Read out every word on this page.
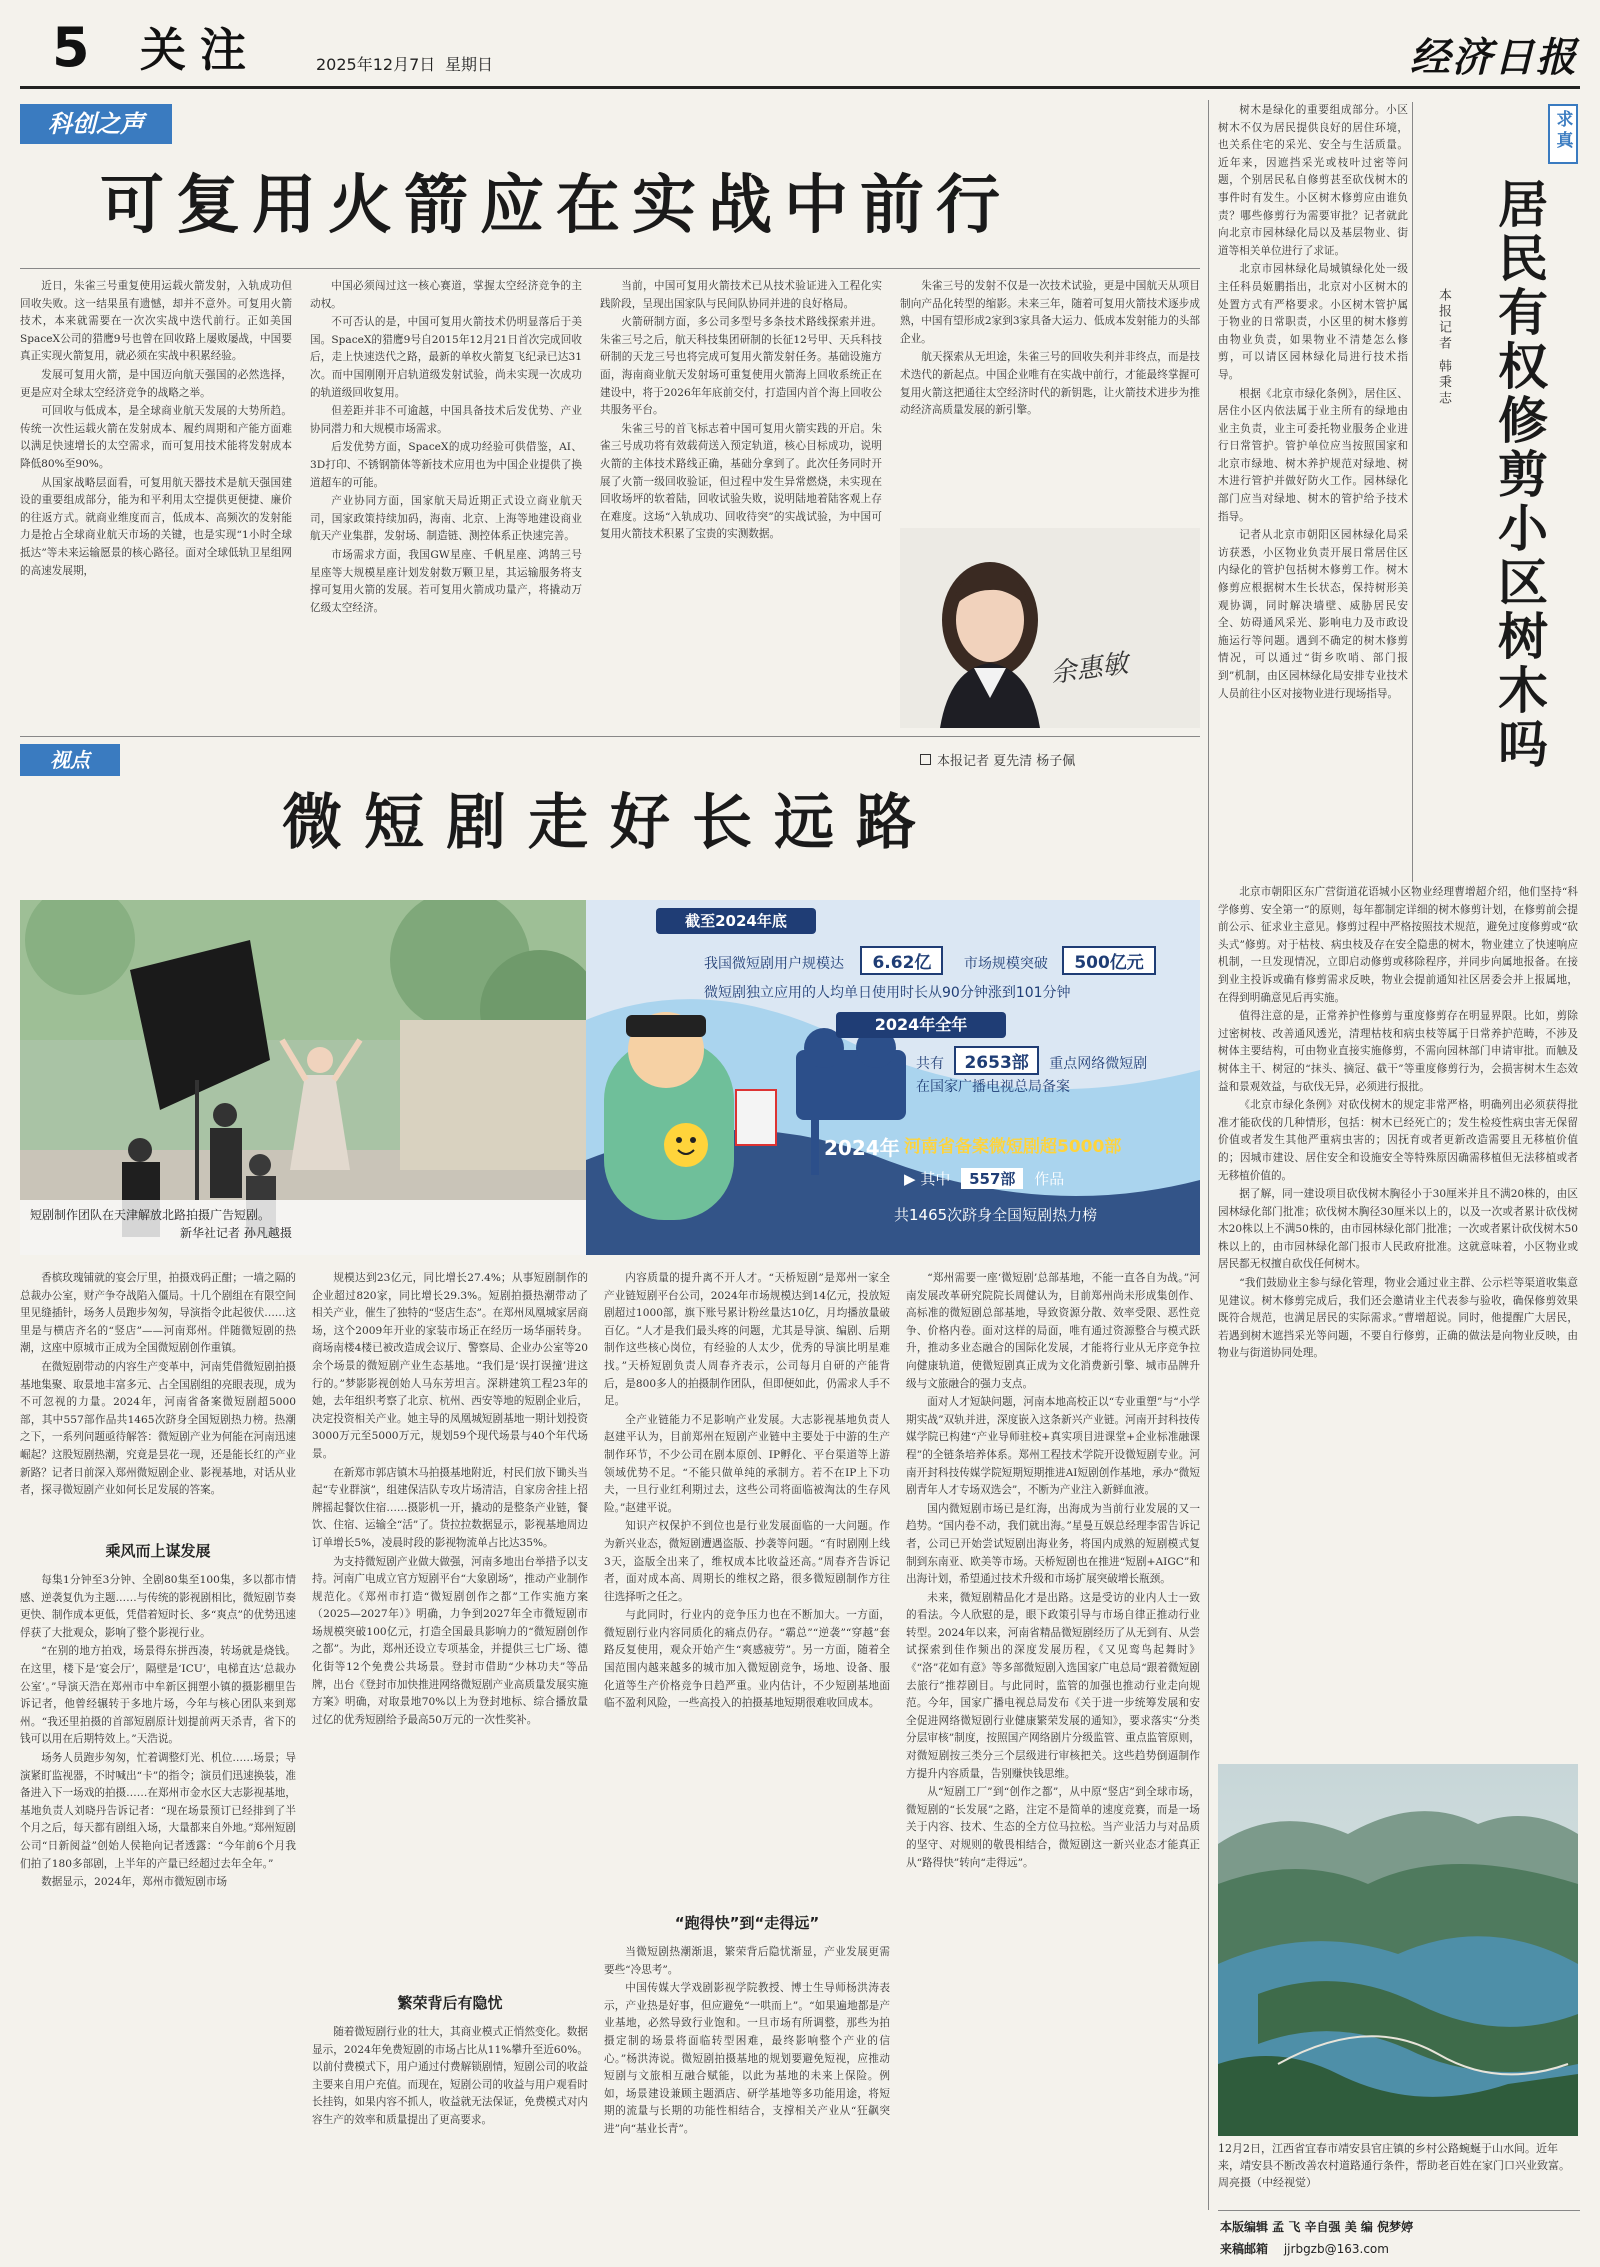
5 关注	2025年12月7日 星期日	经济日报
科创之声
可复用火箭应在实战中前行

近日，朱雀三号重复使用运载火箭发射，入轨成功但回收失败。这一结果虽有遗憾，却并不意外。可复用火箭技术，本来就需要在一次次实战中迭代前行。正如美国SpaceX公司的猎鹰9号也曾在回收路上屡败屡战，中国要真正实现火箭复用，就必须在实战中积累经验。

发展可复用火箭，是中国迈向航天强国的必然选择，更是应对全球太空经济竞争的战略之举。

可回收与低成本，是全球商业航天发展的大势所趋。传统一次性运载火箭在发射成本、履约周期和产能方面难以满足快速增长的太空需求，而可复用技术能将发射成本降低80%至90%。

从国家战略层面看，可复用航天器技术是航天强国建设的重要组成部分，能为和平利用太空提供更便捷、廉价的往返方式。就商业维度而言，低成本、高频次的发射能力是抢占全球商业航天市场的关键，也是实现“1小时全球抵达”等未来运输愿景的核心路径。面对全球低轨卫星组网的高速发展期，

中国必须闯过这一核心赛道，掌握太空经济竞争的主动权。

不可否认的是，中国可复用火箭技术仍明显落后于美国。SpaceX的猎鹰9号自2015年12月21日首次完成回收后，走上快速迭代之路，最新的单枚火箭复飞纪录已达31次。而中国刚刚开启轨道级发射试验，尚未实现一次成功的轨道级回收复用。

但差距并非不可逾越，中国具备技术后发优势、产业协同潜力和大规模市场需求。

后发优势方面，SpaceX的成功经验可供借鉴，AI、3D打印、不锈钢箭体等新技术应用也为中国企业提供了换道超车的可能。

产业协同方面，国家航天局近期正式设立商业航天司，国家政策持续加码，海南、北京、上海等地建设商业航天产业集群，发射场、制造链、测控体系正快速完善。

市场需求方面，我国GW星座、千帆星座、鸿鹄三号星座等大规模星座计划发射数万颗卫星，其运输服务将支撑可复用火箭的发展。若可复用火箭成功量产，将撬动万亿级太空经济。

当前，中国可复用火箭技术已从技术验证进入工程化实践阶段，呈现出国家队与民间队协同并进的良好格局。

火箭研制方面，多公司多型号多条技术路线探索并进。朱雀三号之后，航天科技集团研制的长征12号甲、天兵科技研制的天龙三号也将完成可复用火箭发射任务。基础设施方面，海南商业航天发射场可重复使用火箭海上回收系统正在建设中，将于2026年年底前交付，打造国内首个海上回收公共服务平台。

朱雀三号的首飞标志着中国可复用火箭实践的开启。朱雀三号成功将有效载荷送入预定轨道，核心目标成功，说明火箭的主体技术路线正确，基础分拿到了。此次任务同时开展了火箭一级回收验证，但过程中发生异常燃烧，未实现在回收场坪的软着陆，回收试验失败，说明陆地着陆客观上存在难度。这场“入轨成功、回收待突”的实战试验，为中国可复用火箭技术积累了宝贵的实测数据。

朱雀三号的发射不仅是一次技术试验，更是中国航天从项目制向产品化转型的缩影。未来三年，随着可复用火箭技术逐步成熟，中国有望形成2家到3家具备大运力、低成本发射能力的头部企业。

航天探索从无坦途，朱雀三号的回收失利并非终点，而是技术迭代的新起点。中国企业唯有在实战中前行，才能最终掌握可复用火箭这把通往太空经济时代的新钥匙，让火箭技术进步为推动经济高质量发展的新引擎。

余惠敏
视点	本报记者 夏先清 杨子佩
微短剧走好长远路
短剧制作团队在天津解放北路拍摄广告短剧。
新华社记者 孙凡越摄
截至2024年底
我国微短剧用户规模达 6.62亿 市场规模突破 500亿元
微短剧独立应用的人均单日使用时长从90分钟涨到101分钟
2024年全年
共有 2653部 重点网络微短剧
在国家广播电视总局备案
2024年 河南省备案微短剧超5000部
▶ 其中 557部 作品
共1465次跻身全国短剧热力榜

香槟玫瑰铺就的宴会厅里，拍摄戏码正酣；一墙之隔的总裁办公室，财产争夺战陷入僵局。十几个剧组在有限空间里见缝插针，场务人员跑步匆匆，导演指令此起彼伏……这里是与横店齐名的“竖店”——河南郑州。伴随微短剧的热潮，这座中原城市正成为全国微短剧创作重镇。

在微短剧带动的内容生产变革中，河南凭借微短剧拍摄基地集聚、取景地丰富多元、占全国剧组的亮眼表现，成为不可忽视的力量。2024年，河南省备案微短剧超5000部，其中557部作品共1465次跻身全国短剧热力榜。热潮之下，一系列问题亟待解答：微短剧产业为何能在河南迅速崛起？这股短剧热潮，究竟是昙花一现，还是能长红的产业新路？记者日前深入郑州微短剧企业、影视基地，对话从业者，探寻微短剧产业如何长足发展的答案。

乘风而上谋发展

每集1分钟至3分钟、全剧80集至100集，多以都市情感、逆袭复仇为主题……与传统的影视剧相比，微短剧节奏更快、制作成本更低，凭借着短时长、多“爽点”的优势迅速俘获了大批观众，影响了整个影视行业。

“在别的地方拍戏，场景得东拼西凑，转场就是烧钱。在这里，楼下是‘宴会厅’，隔壁是‘ICU’，电梯直达‘总裁办公室’。”导演天浩在郑州市中牟新区拥塑小镇的摄影棚里告诉记者，他曾经辗转于多地片场，今年与核心团队来到郑州。“我还里拍摄的首部短剧原计划提前两天杀青，省下的钱可以用在后期特效上。”天浩说。

场务人员跑步匆匆，忙着调整灯光、机位……场景；导演紧盯监视器，不时喊出“卡”的指令；演员们迅速换装，准备进入下一场戏的拍摄……在郑州市金水区大志影视基地，基地负责人刘晓丹告诉记者：“现在场景预订已经排到了半个月之后，每天都有剧组入场，大量都来自外地。”郑州短剧公司“日新阅益”创始人侯艳向记者透露：“今年前6个月我们拍了180多部剧，上半年的产量已经超过去年全年。”

数据显示，2024年，郑州市微短剧市场

规模达到23亿元，同比增长27.4%；从事短剧制作的企业超过820家，同比增长29.3%。短剧拍摄热潮带动了相关产业，催生了独特的“竖店生态”。在郑州凤凰城家居商场，这个2009年开业的家装市场正在经历一场华丽转身。商场南楼4楼已被改造成会议厅、警察局、企业办公室等20余个场景的微短剧产业生态基地。“我们是‘误打误撞’进这行的。”梦影影视创始人马东芳坦言。深耕建筑工程23年的她，去年组织考察了北京、杭州、西安等地的短剧企业后，决定投资相关产业。她主导的凤凰城短剧基地一期计划投资3000万元至5000万元，规划59个现代场景与40个年代场景。

在新郑市郭店镇木马拍摄基地附近，村民们放下锄头当起“专业群演”，组建保洁队专攻片场清洁，自家房舍挂上招牌摇起餐饮住宿……摄影机一开，撬动的是整条产业链，餐饮、住宿、运输全“活”了。货拉拉数据显示，影视基地周边订单增长5%，凌晨时段的影视物流单占比达35%。

为支持微短剧产业做大做强，河南多地出台举措予以支持。河南广电成立官方短剧平台“大象剧场”，推动产业制作规范化。《郑州市打造“微短剧创作之都”工作实施方案（2025—2027年）》明确，力争到2027年全市微短剧市场规模突破100亿元，打造全国最具影响力的“微短剧创作之都”。为此，郑州还设立专项基金，并提供三七广场、德化街等12个免费公共场景。登封市借助“少林功夫”等品牌，出台《登封市加快推进网络微短剧产业高质量发展实施方案》明确，对取景地70%以上为登封地标、综合播放量过亿的优秀短剧给予最高50万元的一次性奖补。

繁荣背后有隐忧

随着微短剧行业的壮大，其商业模式正悄然变化。数据显示，2024年免费短剧的市场占比从11%攀升至近60%。以前付费模式下，用户通过付费解锁剧情，短剧公司的收益主要来自用户充值。而现在，短剧公司的收益与用户观看时长挂钩，如果内容不抓人，收益就无法保证，免费模式对内容生产的效率和质量提出了更高要求。

内容质量的提升离不开人才。“天桥短剧”是郑州一家全产业链短剧平台公司，2024年市场规模达到14亿元，投放短剧超过1000部，旗下账号累计粉丝量达10亿，月均播放量破百亿。“人才是我们最头疼的问题，尤其是导演、编剧、后期制作这些核心岗位，有经验的人太少，优秀的导演比明星难找。”天桥短剧负责人周春齐表示，公司每月自研的产能背后，是800多人的拍摄制作团队，但即便如此，仍需求人手不足。

全产业链能力不足影响产业发展。大志影视基地负责人赵建平认为，目前郑州在短剧产业链中主要处于中游的生产制作环节，不少公司在剧本原创、IP孵化、平台渠道等上游领域优势不足。“不能只做单纯的承制方。若不在IP上下功夫，一旦行业红利期过去，这些公司将面临被淘汰的生存风险。”赵建平说。

知识产权保护不到位也是行业发展面临的一大问题。作为新兴业态，微短剧遭遇盗版、抄袭等问题。“有时剧刚上线3天，盗版全出来了，维权成本比收益还高。”周春齐告诉记者，面对成本高、周期长的维权之路，很多微短剧制作方往往选择听之任之。

与此同时，行业内的竞争压力也在不断加大。一方面，微短剧行业内容同质化的痛点仍存。“霸总”“逆袭”“穿越”套路反复使用，观众开始产生“爽感疲劳”。另一方面，随着全国范围内越来越多的城市加入微短剧竞争，场地、设备、服化道等生产价格竞争日趋严重。业内估计，不少短剧基地面临不盈利风险，一些高投入的拍摄基地短期很难收回成本。

“跑得快”到“走得远”

当微短剧热潮渐退，繁荣背后隐忧渐显，产业发展更需要些“冷思考”。

中国传媒大学戏剧影视学院教授、博士生导师杨洪涛表示，产业热是好事，但应避免“一哄而上”。“如果遍地都是产业基地，必然导致行业饱和。一旦市场有所调整，那些为拍摄定制的场景将面临转型困难，最终影响整个产业的信心。”杨洪涛说。微短剧拍摄基地的规划要避免短视，应推动短剧与文旅相互融合赋能，以此为基地的未来上保险。例如，场景建设兼顾主题酒店、研学基地等多功能用途，将短期的流量与长期的功能性相结合，支撑相关产业从“狂飙突进”向“基业长青”。

“郑州需要一座‘微短剧’总部基地，不能一直各自为战。”河南发展改革研究院院长周健认为，目前郑州尚未形成集创作、高标准的微短剧总部基地，导致资源分散、效率受限、恶性竞争、价格内卷。面对这样的局面，唯有通过资源整合与模式跃升，推动多业态融合的国际化发展，才能将行业从无序竞争拉向健康轨道，使微短剧真正成为文化消费新引擎、城市品牌升级与文旅融合的强力支点。

面对人才短缺问题，河南本地高校正以“专业重塑”与“小学期实战”双轨并进，深度嵌入这条新兴产业链。河南开封科技传媒学院已构建“产业导师驻校+真实项目进课堂+企业标准融课程”的全链条培养体系。郑州工程技术学院开设微短剧专业。河南开封科技传媒学院短期短期推进AI短剧创作基地，承办“微短剧青年人才专场双选会”，不断为产业注入新鲜血液。

国内微短剧市场已是红海，出海成为当前行业发展的又一趋势。“国内卷不动，我们就出海。”星曼互娱总经理李雷告诉记者，公司已开始尝试短剧出海业务，将国内成熟的短剧模式复制到东南亚、欧美等市场。天桥短剧也在推进“短剧+AIGC”和出海计划，希望通过技术升级和市场扩展突破增长瓶颈。

未来，微短剧精品化才是出路。这是受访的业内人士一致的看法。今人欣慰的是，眼下政策引导与市场自律正推动行业转型。2024年以来，河南省精品微短剧经历了从无到有、从尝试探索到佳作频出的深度发展历程，《又见鸾鸟起舞时》《“洛”花如有意》等多部微短剧入选国家广电总局“跟着微短剧去旅行”推荐剧目。与此同时，监管的加强也推动行业走向规范。今年，国家广播电视总局发布《关于进一步统筹发展和安全促进网络微短剧行业健康繁荣发展的通知》，要求落实“分类分层审核”制度，按照国产网络剧片分级监管、重点监管原则，对微短剧按三类分三个层级进行审核把关。这些趋势倒逼制作方提升内容质量，告别赚快钱思维。

从“短剧工厂”到“创作之都”，从中原“竖店”到全球市场，微短剧的“长发展”之路，注定不是简单的速度竞赛，而是一场关于内容、技术、生态的全方位马拉松。当产业活力与对品质的坚守、对规则的敬畏相结合，微短剧这一新兴业态才能真正从“路得快”转向“走得远”。

树木是绿化的重要组成部分。小区树木不仅为居民提供良好的居住环境，也关系住宅的采光、安全与生活质量。近年来，因遮挡采光或枝叶过密等问题，个别居民私自修剪甚至砍伐树木的事件时有发生。小区树木修剪应由谁负责？哪些修剪行为需要审批？记者就此向北京市园林绿化局以及基层物业、街道等相关单位进行了求证。

北京市园林绿化局城镇绿化处一级主任科员姬鹏指出，北京对小区树木的处置方式有严格要求。小区树木管护属于物业的日常职责，小区里的树木修剪由物业负责，如果物业不清楚怎么修剪，可以请区园林绿化局进行技术指导。

根据《北京市绿化条例》，居住区、居住小区内依法属于业主所有的绿地由业主负责，业主可委托物业服务企业进行日常管护。管护单位应当按照国家和北京市绿地、树木养护规范对绿地、树木进行管护并做好防火工作。园林绿化部门应当对绿地、树木的管护给予技术指导。

记者从北京市朝阳区园林绿化局采访获悉，小区物业负责开展日常居住区内绿化的管护包括树木修剪工作。树木修剪应根据树木生长状态，保持树形美观协调，同时解决墙壁、威胁居民安全、妨碍通风采光、影响电力及市政设施运行等问题。遇到不确定的树木修剪情况，可以通过“街乡吹哨、部门报到”机制，由区园林绿化局安排专业技术人员前往小区对接物业进行现场指导。

求真
居民有权修剪小区树木吗
本报记者 韩秉志

北京市朝阳区东广营街道花语城小区物业经理曹增超介绍，他们坚持“科学修剪、安全第一”的原则，每年都制定详细的树木修剪计划，在修剪前会提前公示、征求业主意见。修剪过程中严格按照技术规范，避免过度修剪或“砍头式”修剪。对于枯枝、病虫枝及存在安全隐患的树木，物业建立了快速响应机制，一旦发现情况，立即启动修剪或移除程序，并同步向属地报备。在接到业主投诉或确有修剪需求反映，物业会提前通知社区居委会并上报属地，在得到明确意见后再实施。

值得注意的是，正常养护性修剪与重度修剪存在明显界限。比如，剪除过密树枝、改善通风透光，清理枯枝和病虫枝等属于日常养护范畴，不涉及树体主要结构，可由物业直接实施修剪，不需向园林部门申请审批。而触及树体主干、树冠的“抹头、摘冠、截干”等重度修剪行为，会损害树木生态效益和景观效益，与砍伐无异，必须进行报批。

《北京市绿化条例》对砍伐树木的规定非常严格，明确列出必须获得批准才能砍伐的几种情形，包括：树木已经死亡的；发生检疫性病虫害无保留价值或者发生其他严重病虫害的；因抚育或者更新改造需要且无移植价值的；因城市建设、居住安全和设施安全等特殊原因确需移植但无法移植或者无移植价值的。

据了解，同一建设项目砍伐树木胸径小于30厘米并且不满20株的，由区园林绿化部门批准；砍伐树木胸径30厘米以上的，以及一次或者累计砍伐树木20株以上不满50株的，由市园林绿化部门批准；一次或者累计砍伐树木50株以上的，由市园林绿化部门报市人民政府批准。这就意味着，小区物业或居民都无权擅自砍伐任何树木。

“我们鼓励业主参与绿化管理，物业会通过业主群、公示栏等渠道收集意见建议。树木修剪完成后，我们还会邀请业主代表参与验收，确保修剪效果既符合规范，也满足居民的实际需求。”曹增超说。同时，他提醒广大居民，若遇到树木遮挡采光等问题，不要自行修剪，正确的做法是向物业反映，由物业与街道协同处理。

12月2日，江西省宜春市靖安县官庄镇的乡村公路蜿蜒于山水间。近年来，靖安县不断改善农村道路通行条件，帮助老百姓在家门口兴业致富。 周亮摄（中经视觉）
本版编辑 孟 飞 辛自强 美 编 倪梦婷
来稿邮箱 jjrbgzb@163.com
